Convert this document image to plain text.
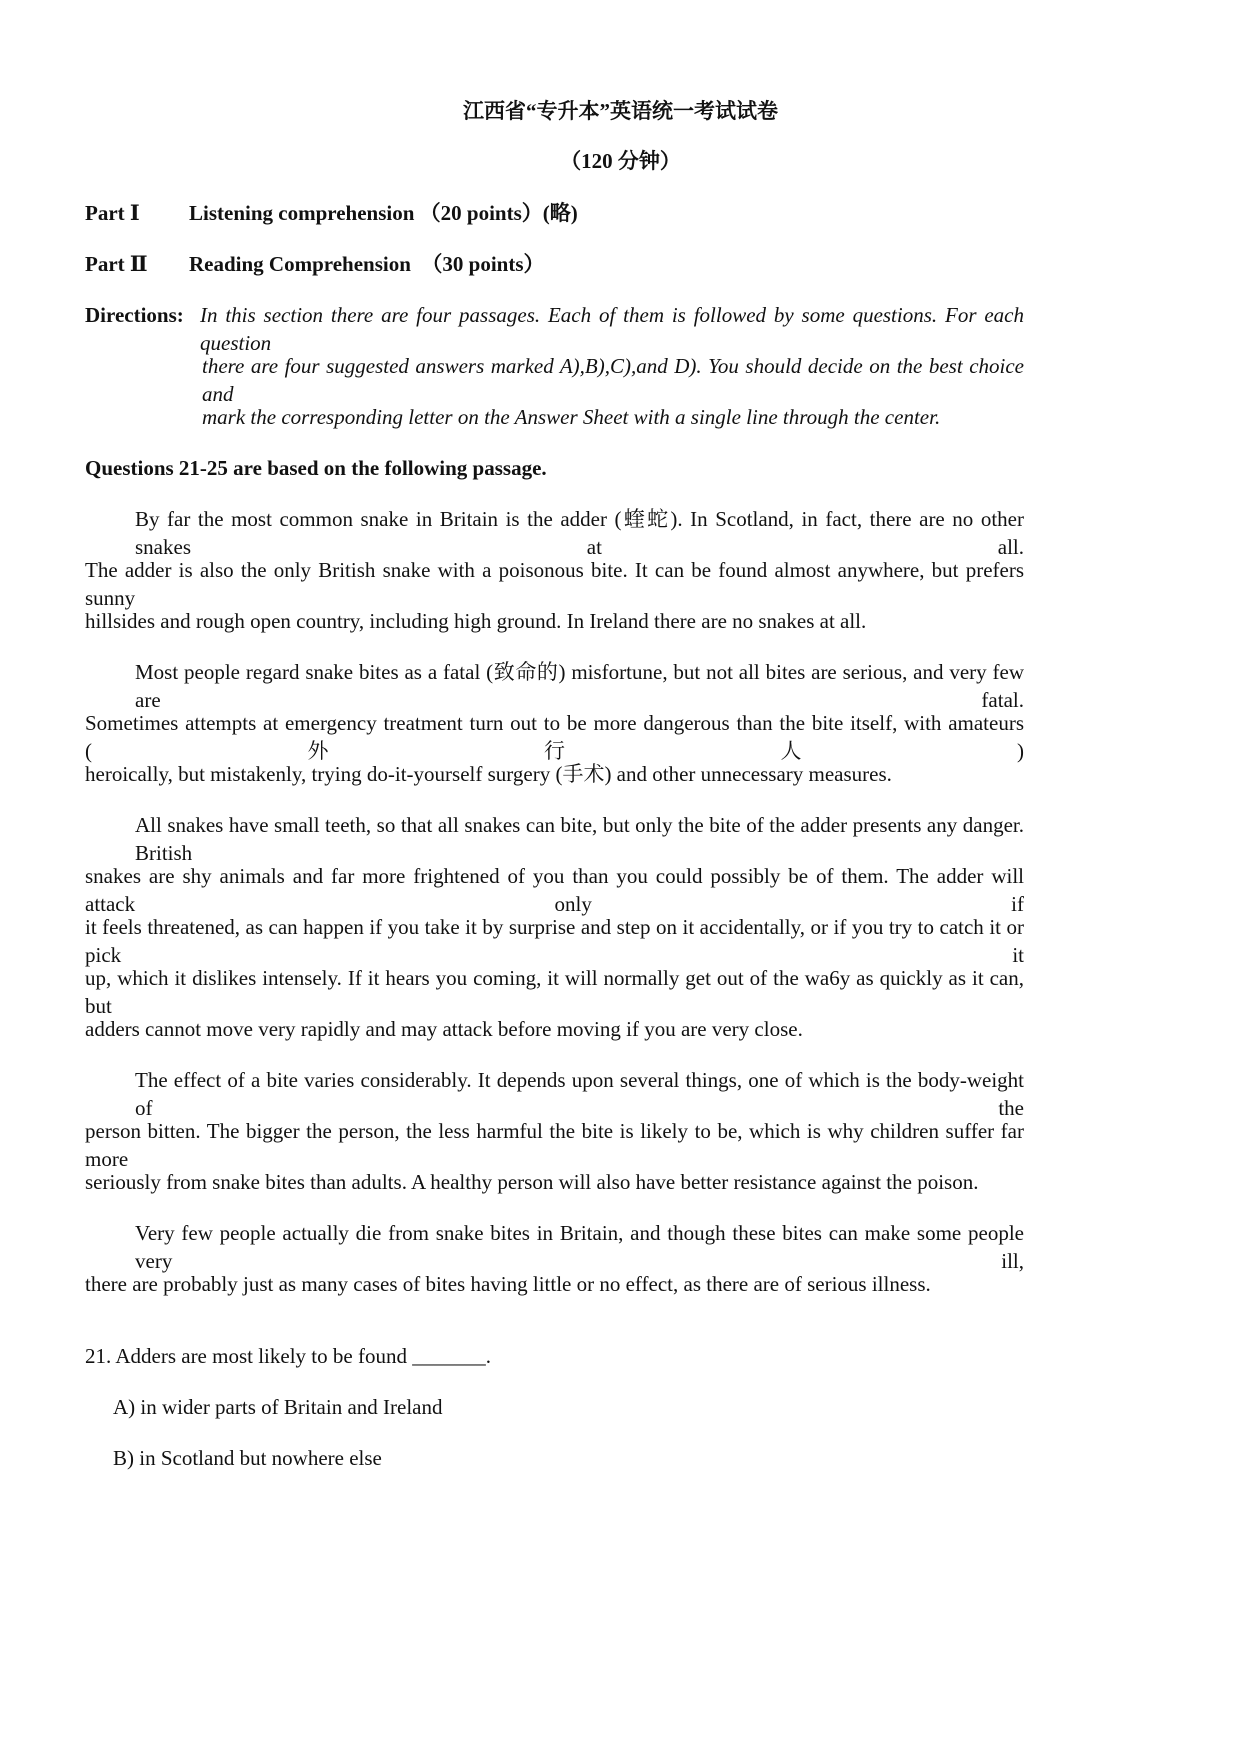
江西省“专升本”英语统一考试试卷
（120 分钟）
Part Ⅰ Listening comprehension （20 points）(略)
Part Ⅱ Reading Comprehension　（30 points）
Directions: In this section there are four passages. Each of them is followed by some questions. For each question
there are four suggested answers marked A),B),C),and D). You should decide on the best choice and
mark the corresponding letter on the Answer Sheet with a single line through the center.
Questions 21-25 are based on the following passage.
By far the most common snake in Britain is the adder (蝰蛇). In Scotland, in fact, there are no other snakes at all.
The adder is also the only British snake with a poisonous bite. It can be found almost anywhere, but prefers sunny
hillsides and rough open country, including high ground. In Ireland there are no snakes at all.
Most people regard snake bites as a fatal (致命的) misfortune, but not all bites are serious, and very few are fatal.
Sometimes attempts at emergency treatment turn out to be more dangerous than the bite itself, with amateurs (外行人)
heroically, but mistakenly, trying do-it-yourself surgery (手术) and other unnecessary measures.
All snakes have small teeth, so that all snakes can bite, but only the bite of the adder presents any danger. British
snakes are shy animals and far more frightened of you than you could possibly be of them. The adder will attack only if
it feels threatened, as can happen if you take it by surprise and step on it accidentally, or if you try to catch it or pick it
up, which it dislikes intensely. If it hears you coming, it will normally get out of the wa6y as quickly as it can, but
adders cannot move very rapidly and may attack before moving if you are very close.
The effect of a bite varies considerably. It depends upon several things, one of which is the body-weight of the
person bitten. The bigger the person, the less harmful the bite is likely to be, which is why children suffer far more
seriously from snake bites than adults. A healthy person will also have better resistance against the poison.
Very few people actually die from snake bites in Britain, and though these bites can make some people very ill,
there are probably just as many cases of bites having little or no effect, as there are of serious illness.
21. Adders are most likely to be found _______.
A) in wider parts of Britain and Ireland
B) in Scotland but nowhere else
